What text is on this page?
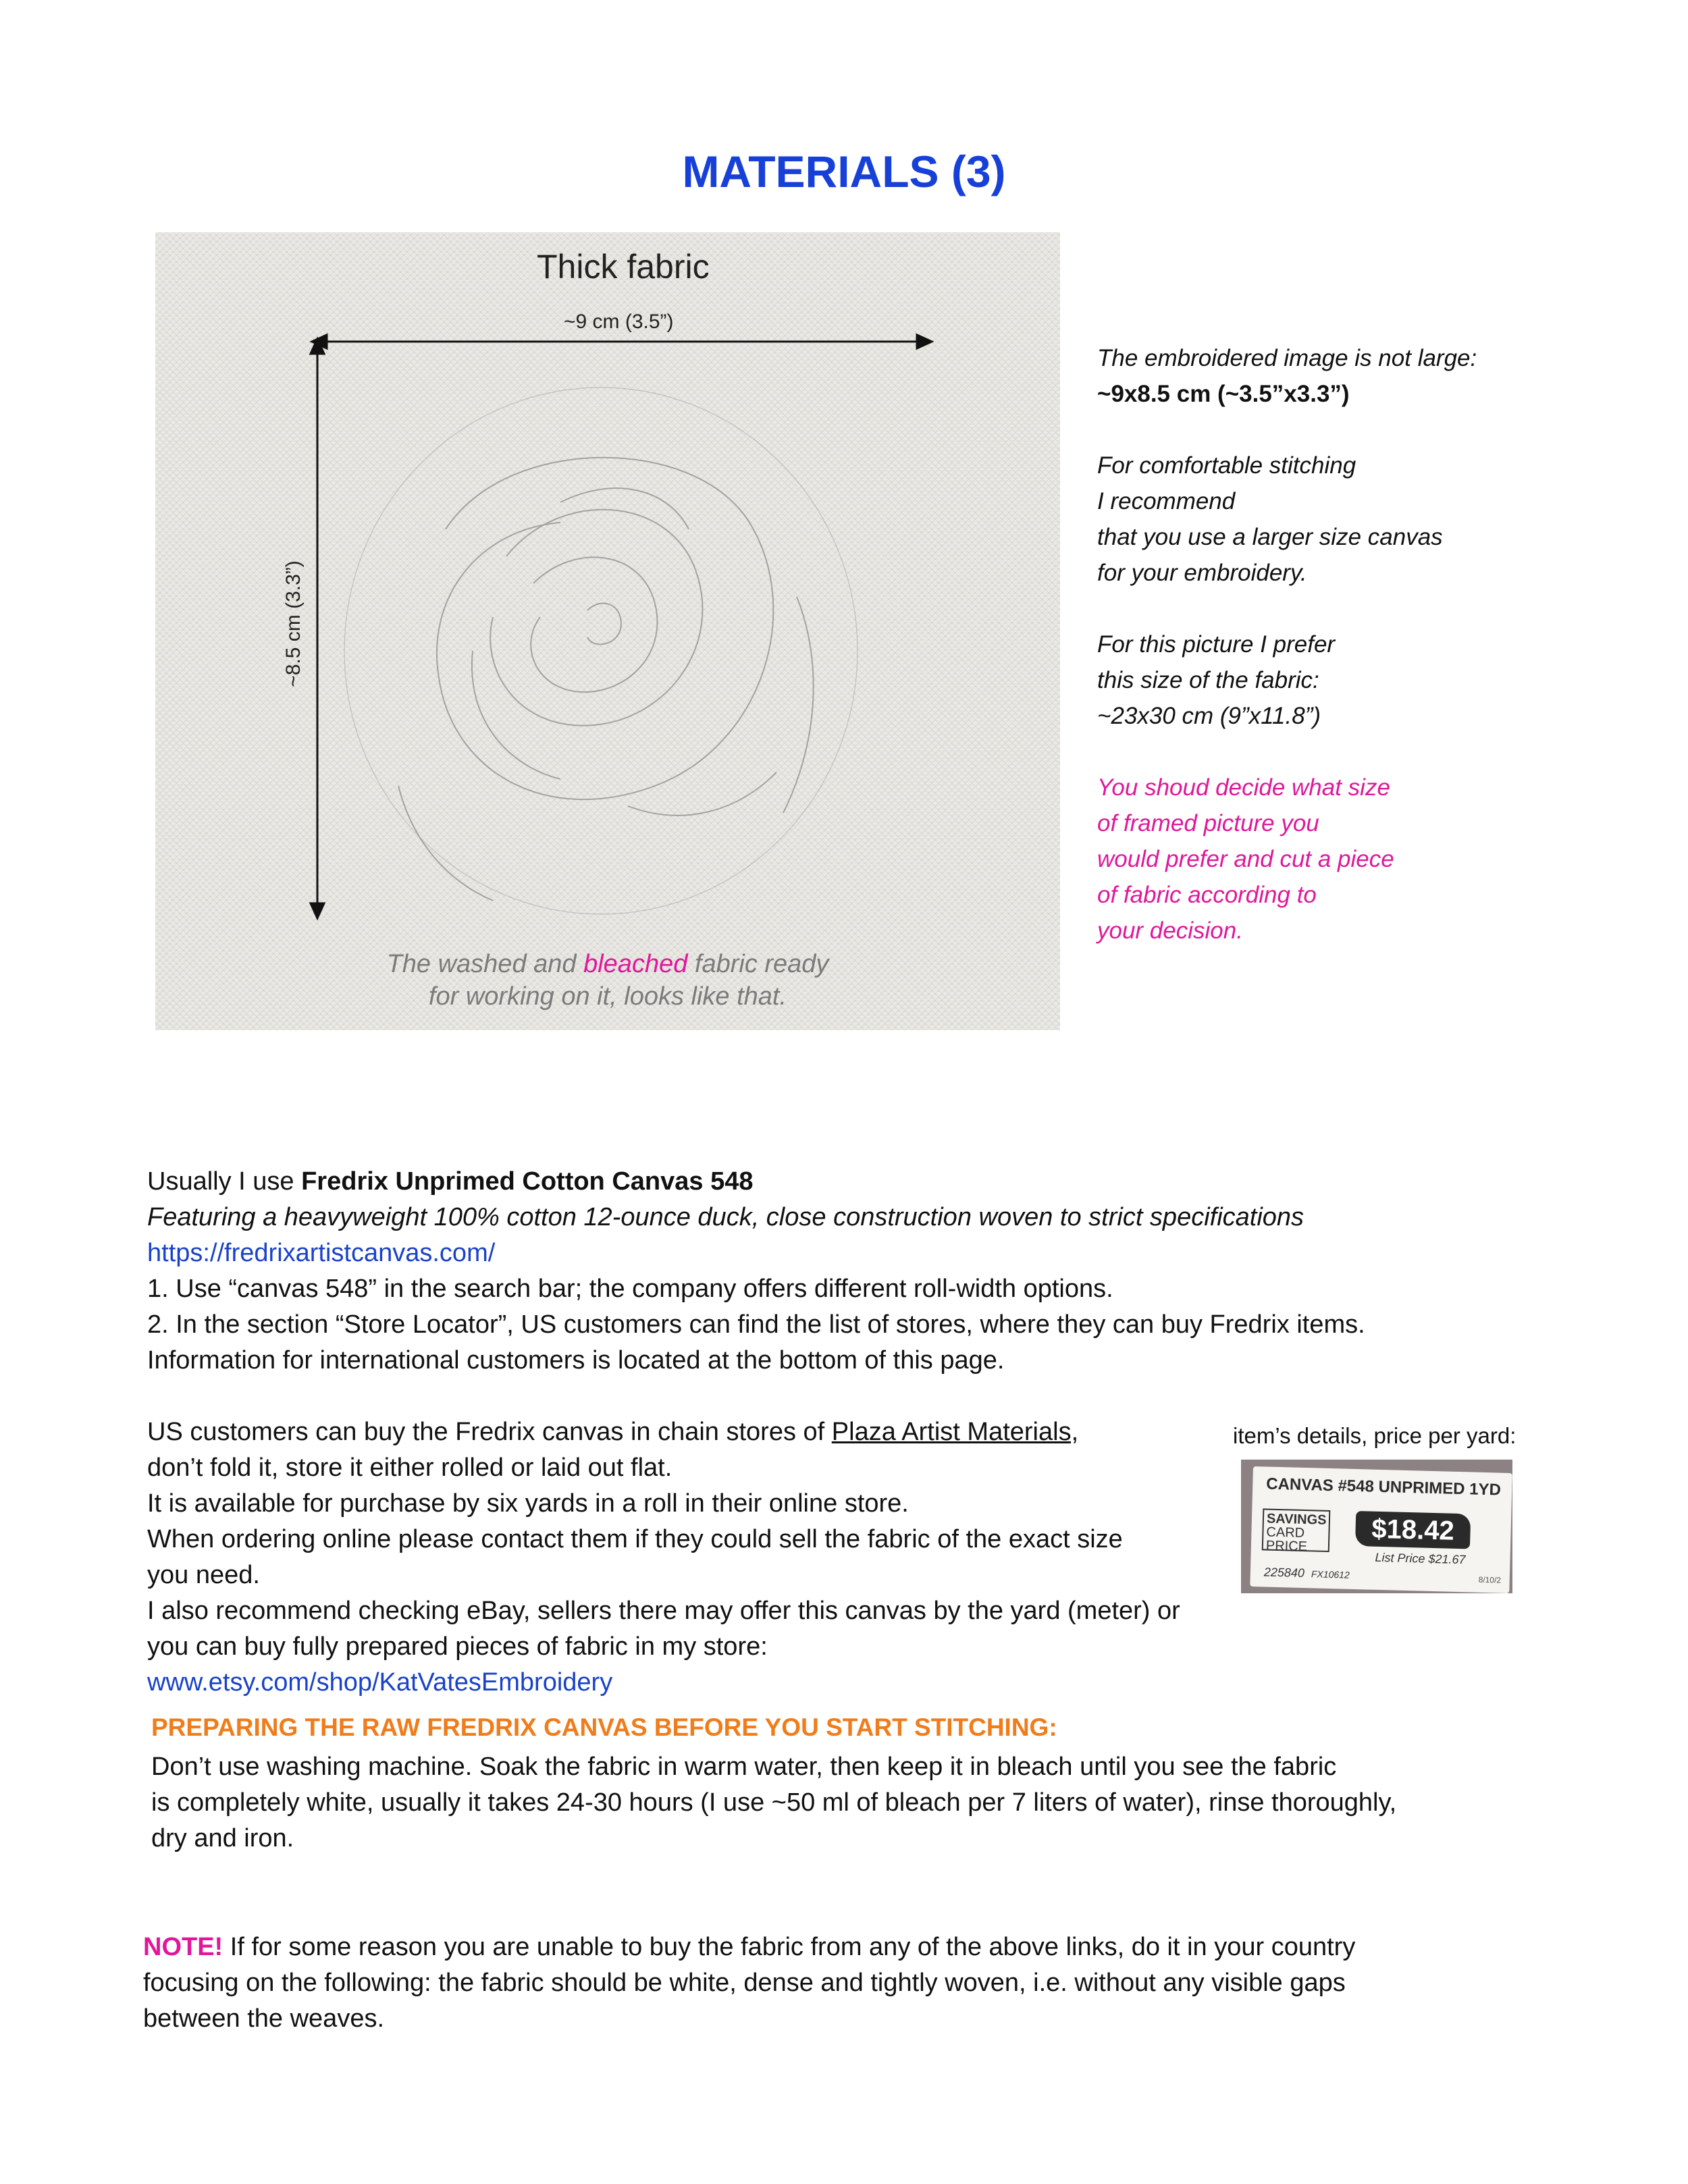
MATERIALS (3)
Thick fabric
~9 cm (3.5”)
~8.5 cm (3.3”)
The washed and bleached fabric ready
for working on it, looks like that.

The embroidered image is not large:
~9x8.5 cm (~3.5”x3.3”)

For comfortable stitching
I recommend
that you use a larger size canvas
for your embroidery.

For this picture I prefer
this size of the fabric:
~23x30 cm (9”x11.8”)

You shoud decide what size
of framed picture you
would prefer and cut a piece
of fabric according to
your decision.

Usually I use Fredrix Unprimed Cotton Canvas 548
Featuring a heavyweight 100% cotton 12-ounce duck, close construction woven to strict specifications
https://fredrixartistcanvas.com/
1. Use “canvas 548” in the search bar; the company offers different roll-width options.
2. In the section “Store Locator”, US customers can find the list of stores, where they can buy Fredrix items.
Information for international customers is located at the bottom of this page.
US customers can buy the Fredrix canvas in chain stores of Plaza Artist Materials,
don’t fold it, store it either rolled or laid out flat.
It is available for purchase by six yards in a roll in their online store.
When ordering online please contact them if they could sell the fabric of the exact size
you need.
I also recommend checking eBay, sellers there may offer this canvas by the yard (meter) or
you can buy fully prepared pieces of fabric in my store:
www.etsy.com/shop/KatVatesEmbroidery
item’s details, price per yard:
CANVAS #548 UNPRIMED 1YD
SAVINGS
CARD
PRICE
$18.42
List Price $21.67
225840 FX10612	8/10/2
PREPARING THE RAW FREDRIX CANVAS BEFORE YOU START STITCHING:
Don’t use washing machine. Soak the fabric in warm water, then keep it in bleach until you see the fabric
is completely white, usually it takes 24-30 hours (I use ~50 ml of bleach per 7 liters of water), rinse thoroughly,
dry and iron.
NOTE! If for some reason you are unable to buy the fabric from any of the above links, do it in your country
focusing on the following: the fabric should be white, dense and tightly woven, i.e. without any visible gaps
between the weaves.
